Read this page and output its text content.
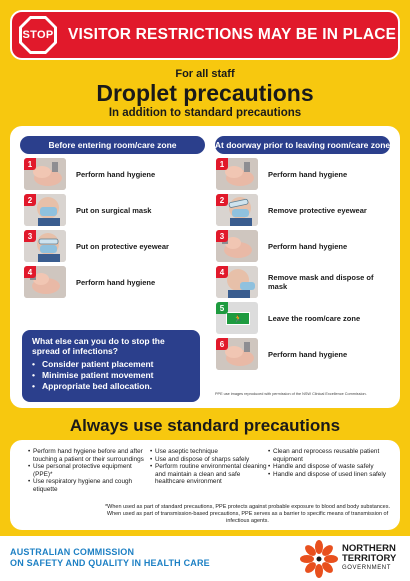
STOP VISITOR RESTRICTIONS MAY BE IN PLACE
For all staff
Droplet precautions
In addition to standard precautions
Before entering room/care zone	At doorway prior to leaving room/care zone
1
Perform hand hygiene
2
Put on surgical mask
3
Put on protective eyewear
4
Perform hand hygiene
1
Perform hand hygiene
2
Remove protective eyewear
3
Perform hand hygiene
4
Remove mask and dispose of mask
🏃
5
Leave the room/care zone
6
Perform hand hygiene
What else can you do to stop the spread of infections?
• Consider patient placement
• Minimise patient movement
• Appropriate bed allocation.
PPE use images reproduced with permission of the NSW Clinical Excellence Commission.
Always use standard precautions
• Perform hand hygiene before and after touching a patient or their surroundings
• Use personal protective equipment (PPE)*
• Use respiratory hygiene and cough etiquette
• Use aseptic technique
• Use and dispose of sharps safely
• Perform routine environmental cleaning and maintain a clean and safe healthcare environment
• Clean and reprocess reusable patient equipment
• Handle and dispose of waste safely
• Handle and dispose of used linen safely
*When used as part of standard precautions, PPE protects against probable exposure to blood and body substances. When used as part of transmission-based precautions, PPE serves as a barrier to specific means of transmission of infectious agents.
AUSTRALIAN COMMISSION
ON SAFETY AND QUALITY IN HEALTH CARE
NORTHERN
TERRITORY
GOVERNMENT
